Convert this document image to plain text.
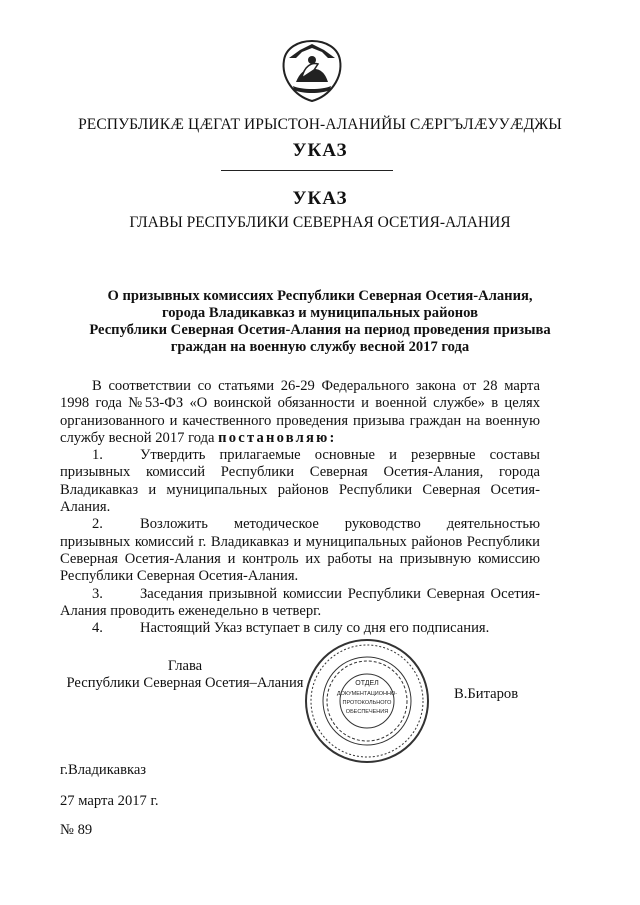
РЕСПУБЛИКӔ ЦӔГАТ ИРЫСТОН-АЛАНИЙЫ СӔРГЪЛӔУУӔДЖЫ
УКАЗ
УКАЗ
ГЛАВЫ РЕСПУБЛИКИ СЕВЕРНАЯ ОСЕТИЯ-АЛАНИЯ
О призывных комиссиях Республики Северная Осетия-Алания,
города Владикавказ и муниципальных районов
Республики Северная Осетия-Алания на период проведения призыва
граждан на военную службу весной 2017 года

В соответствии со статьями 26-29 Федерального закона от 28 марта 1998 года №53-ФЗ «О воинской обязанности и военной службе» в целях организованного и качественного проведения призыва граждан на военную службу весной 2017 года постановляю:

1.	Утвердить прилагаемые основные и резервные составы призывных комиссий Республики Северная Осетия-Алания, города Владикавказ и муниципальных районов Республики Северная Осетия-Алания.

2.	Возложить методическое руководство деятельностью призывных комиссий г. Владикавказ и муниципальных районов Республики Северная Осетия-Алания и контроль их работы на призывную комиссию Республики Северная Осетия-Алания.

3.	Заседания призывной комиссии Республики Северная Осетия-Алания проводить еженедельно в четверг.

4.	Настоящий Указ вступает в силу со дня его подписания.

Глава
Республики Северная Осетия–Алания	ОТДЕЛ
ДОКУМЕНТАЦИОННО-
ПРОТОКОЛЬНОГО
ОБЕСПЕЧЕНИЯ
В.Битаров
г.Владикавказ
27 марта 2017 г.
№ 89
